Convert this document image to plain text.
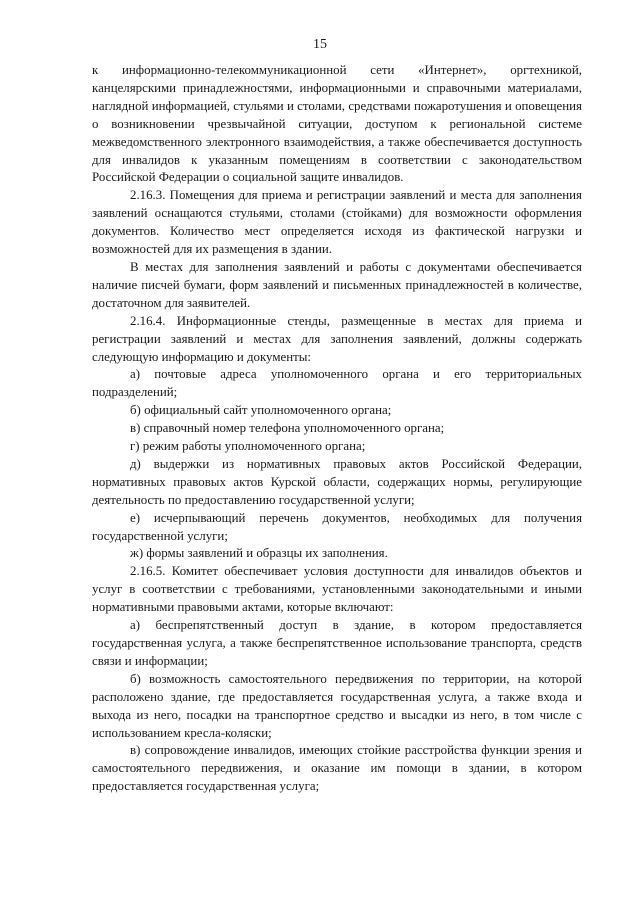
15

к информационно-телекоммуникационной сети «Интернет», оргтехникой, канцелярскими принадлежностями, информационными и справочными материалами, наглядной информацией, стульями и столами, средствами пожаротушения и оповещения о возникновении чрезвычайной ситуации, доступом к региональной системе межведомственного электронного взаимодействия, а также обеспечивается доступность для инвалидов к указанным помещениям в соответствии с законодательством Российской Федерации о социальной защите инвалидов.

2.16.3. Помещения для приема и регистрации заявлений и места для заполнения заявлений оснащаются стульями, столами (стойками) для возможности оформления документов. Количество мест определяется исходя из фактической нагрузки и возможностей для их размещения в здании.

В местах для заполнения заявлений и работы с документами обеспечивается наличие писчей бумаги, форм заявлений и письменных принадлежностей в количестве, достаточном для заявителей.

2.16.4. Информационные стенды, размещенные в местах для приема и регистрации заявлений и местах для заполнения заявлений, должны содержать следующую информацию и документы:

а) почтовые адреса уполномоченного органа и его территориальных подразделений;

б) официальный сайт уполномоченного органа;

в) справочный номер телефона уполномоченного органа;

г) режим работы уполномоченного органа;

д) выдержки из нормативных правовых актов Российской Федерации, нормативных правовых актов Курской области, содержащих нормы, регулирующие деятельность по предоставлению государственной услуги;

е) исчерпывающий перечень документов, необходимых для получения государственной услуги;

ж) формы заявлений и образцы их заполнения.

2.16.5. Комитет обеспечивает условия доступности для инвалидов объектов и услуг в соответствии с требованиями, установленными законодательными и иными нормативными правовыми актами, которые включают:

а) беспрепятственный доступ в здание, в котором предоставляется государственная услуга, а также беспрепятственное использование транспорта, средств связи и информации;

б) возможность самостоятельного передвижения по территории, на которой расположено здание, где предоставляется государственная услуга, а также входа и выхода из него, посадки на транспортное средство и высадки из него, в том числе с использованием кресла-коляски;

в) сопровождение инвалидов, имеющих стойкие расстройства функции зрения и самостоятельного передвижения, и оказание им помощи в здании, в котором предоставляется государственная услуга;
